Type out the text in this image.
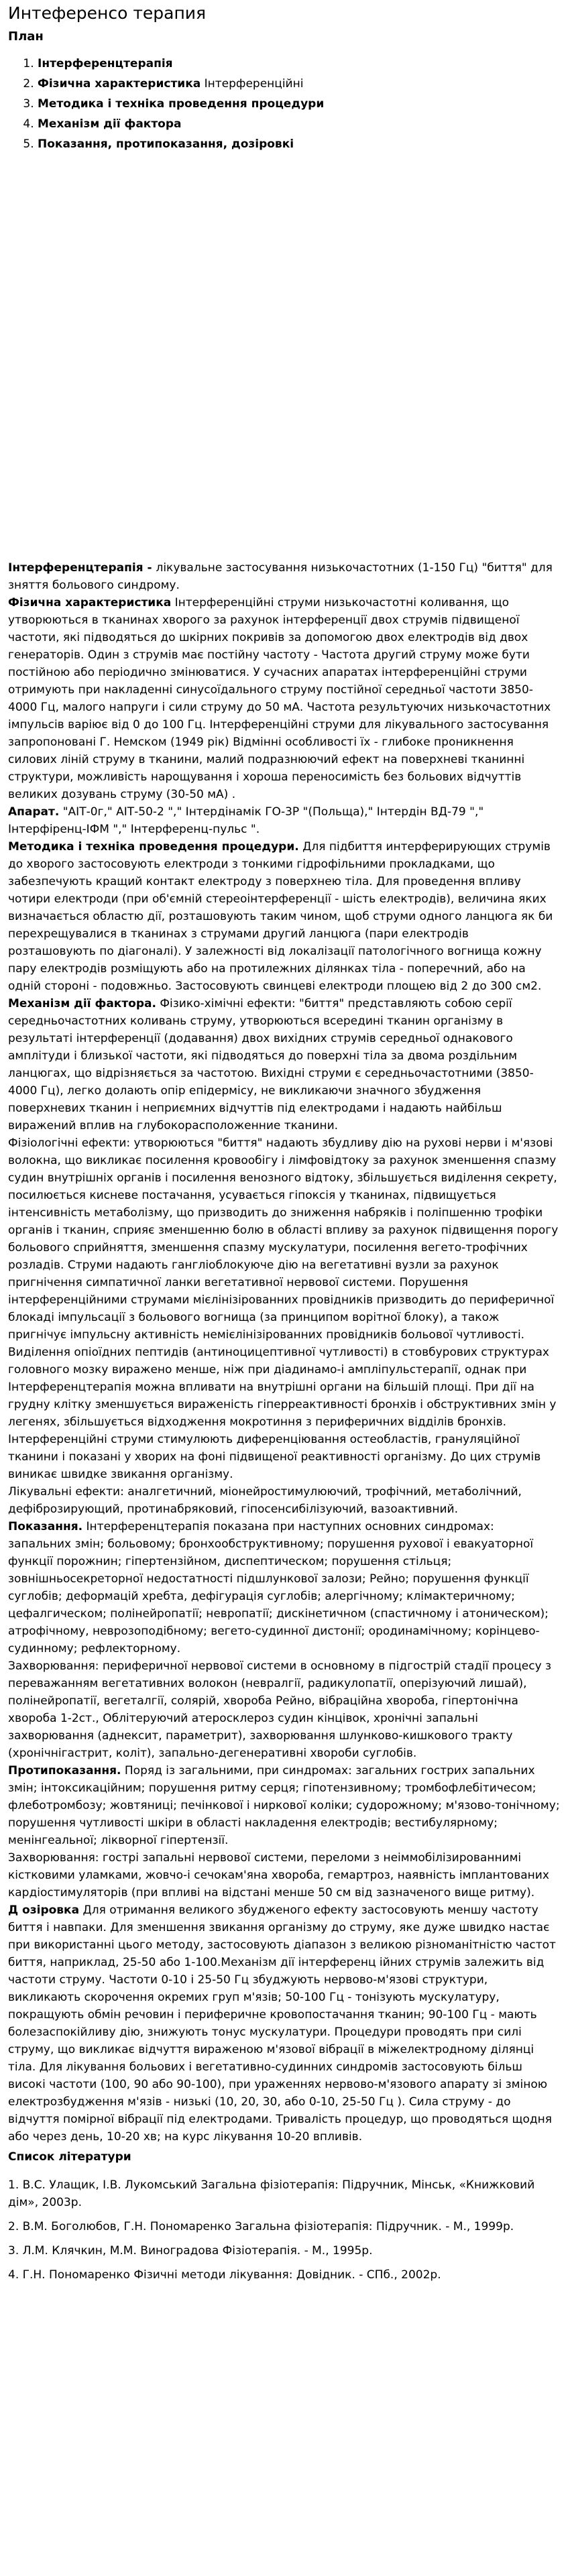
Интеференсо терапия
План
1. Інтерференцтерапія
2. Фізична характеристика Інтерференційні
3. Методика і техніка проведення процедури
4. Механізм дії фактора
5. Показання, протипоказання, дозіровкі

Інтерференцтерапія - лікувальне застосування низькочастотних (1-150 Гц) "биття" для зняття больового синдрому.

Фізична характеристика Інтерференційні струми низькочастотні коливання, що утворюються в тканинах хворого за рахунок інтерференції двох струмів підвищеної частоти, які підводяться до шкірних покривів за допомогою двох електродів від двох генераторів. Один з струмів має постійну частоту - Частота другий струму може бути постійною або періодично змінюватися. У сучасних апаратах інтерференційні струми отримують при накладенні синусоїдального струму постійної середньої частоти 3850-4000 Гц, малого напруги і сили струму до 50 мА. Частота результуючих низькочастотних імпульсів варіює від 0 до 100 Гц. Інтерференційні струми для лікувального застосування запропоновані Г. Немском (1949 рік) Відмінні особливості їх - глибоке проникнення силових ліній струму в тканини, малий подразнюючий ефект на поверхневі тканинні структури, можливість нарощування і хороша переносимість без больових відчуттів великих дозувань струму (30-50 мА) .

Апарат. "АІТ-0г," АІТ-50-2 "," Інтердінамік ГО-3Р "(Польща)," Інтердін ВД-79 "," Інтерфіренц-ІФМ "," Інтерференц-пульс ".

Методика і техніка проведення процедури. Для підбиття интерферирующих струмів до хворого застосовують електроди з тонкими гідрофільними прокладками, що забезпечують кращий контакт електроду з поверхнею тіла. Для проведення впливу чотири електроди (при об'ємній стереоінтерференції - шість електродів), величина яких визначається областю дії, розташовують таким чином, щоб струми одного ланцюга як би перехрещувалися в тканинах з струмами другий ланцюга (пари електродів розташовують по діагоналі). У залежності від локалізації патологічного вогнища кожну пару електродів розміщують або на протилежних ділянках тіла - поперечний, або на одній стороні - подовжньо. Застосовують свинцеві електроди площею від 2 до 300 см2.

Механізм дії фактора. Фізико-хімічні ефекти: "биття" представляють собою серії середньочастотних коливань струму, утворюються всередині тканин організму в результаті інтерференції (додавання) двох вихідних струмів середньої однакового амплітуди і близької частоти, які підводяться до поверхні тіла за двома роздільним ланцюгах, що відрізняється за частотою. Вихідні струми є середньочастотними (3850-4000 Гц), легко долають опір епідермісу, не викликаючи значного збудження поверхневих тканин і неприємних відчуттів під електродами і надають найбільш виражений вплив на глубокорасположенние тканини.

Фізіологічні ефекти: утворюються "биття" надають збудливу дію на рухові нерви і м'язові волокна, що викликає посилення кровообігу і лімфовідтоку за рахунок зменшення спазму судин внутрішніх органів і посилення венозного відтоку, збільшується виділення секрету, посилюється кисневе постачання, усувається гіпоксія у тканинах, підвищується інтенсивність метаболізму, що призводить до зниження набряків і поліпшенню трофіки органів і тканин, сприяє зменшенню болю в області впливу за рахунок підвищення порогу больового сприйняття, зменшення спазму мускулатури, посилення вегето-трофічних розладів. Струми надають гангліоблокуюче дію на вегетативні вузли за рахунок пригнічення симпатичної ланки вегетативної нервової системи. Порушення інтерференційними струмами мієлінізірованних провідників призводить до периферичної блокаді імпульсації з больового вогнища (за принципом ворітної блоку), а також пригнічує імпульсну активність немієлінізірованних провідників больової чутливості. Виділення опіоїдних пептидів (антиноцицептивної чутливості) в стовбурових структурах головного мозку виражено менше, ніж при діадинамо-і ампліпульстерапії, однак при Інтерференцтерапія можна впливати на внутрішні органи на більшій площі. При дії на грудну клітку зменшується вираженість гіперреактивності бронхів і обструктивних змін у легенях, збільшується відходження мокротиння з периферичних відділів бронхів. Інтерференційні струми стимулюють диференціювання остеобластів, грануляційної тканини і показані у хворих на фоні підвищеної реактивності організму. До цих струмів виникає швидке звикання організму.

Лікувальні ефекти: аналгетичний, міонейростимулюючий, трофічний, метаболічний, дефіброзирующий, протинабряковий, гіпосенсибілізуючий, вазоактивний.

Показання. Інтерференцтерапія показана при наступних основних синдромах: запальних змін; больовому; бронхообструктивному; порушення рухової і евакуаторної функції порожнин; гіпертензійном, диспептическом; порушення стільця; зовнішньосекреторної недостатності підшлункової залози; Рейно; порушення функції суглобів; деформацій хребта, дефігурація суглобів; алергічному; клімактеричному; цефалгическом; полінейропатії; невропатії; дискінетичном (спастичному і атоническом); атрофічному, неврозоподібному; вегето-судинної дистонії; ородинамічному; корінцево-судинному; рефлекторному.

Захворювання: периферичної нервової системи в основному в підгострій стадії процесу з переважанням вегетативних волокон (невралгії, радикулопатії, оперізуючий лишай), полінейропатії, вегеталгії, солярій, хвороба Рейно, вібраційна хвороба, гіпертонічна хвороба 1-2ст., Облітеруючий атеросклероз судин кінцівок, хронічні запальні захворювання (аднексит, параметрит), захворювання шлунково-кишкового тракту (хронічнігастрит, коліт), запально-дегенеративні хвороби суглобів.

Протипоказання. Поряд із загальними, при синдромах: загальних гострих запальних змін; інтоксикаційним; порушення ритму серця; гіпотензивному; тромбофлебітичесом; флеботромбозу; жовтяниці; печінкової і ниркової коліки; судорожному; м'язово-тонічному; порушення чутливості шкіри в області накладення електродів; вестибулярному; менінгеальної; лікворної гіпертензії.

Захворювання: гострі запальні нервової системи, переломи з неіммобілізированнимі кістковими уламками, жовчо-і сечокам'яна хвороба, гемартроз, наявність імплантованих кардіостимуляторів (при впливі на відстані менше 50 см від зазначеного вище ритму).

Д озіровка Для отримання великого збудженого ефекту застосовують меншу частоту биття і навпаки. Для зменшення звикання організму до струму, яке дуже швидко настає при використанні цього методу, застосовують діапазон з великою різноманітністю частот биття, наприклад, 25-50 або 1-100.Механізм дії інтерференц ійних струмів залежить від частоти струму. Частоти 0-10 і 25-50 Гц збуджують нервово-м'язові структури, викликають скорочення окремих груп м'язів; 50-100 Гц - тонізують мускулатуру, покращують обмін речовин і периферичне кровопостачання тканин; 90-100 Гц - мають болезаспокійливу дію, знижують тонус мускулатури. Процедури проводять при силі струму, що викликає відчуття вираженою м'язової вібрації в міжелектродному ділянці тіла. Для лікування больових і вегетативно-судинних синдромів застосовують більш високі частоти (100, 90 або 90-100), при ураженнях нервово-м'язового апарату зі зміною електрозбудження м'язів - низькі (10, 20, 30, або 0-10, 25-50 Гц ). Сила струму - до відчуття помірної вібрації під електродами. Тривалість процедур, що проводяться щодня або через день, 10-20 хв; на курс лікування 10-20 впливів.

Список літератури
1. В.С. Улащик, І.В. Лукомський Загальна фізіотерапія: Підручник, Мінськ, «Книжковий дім», 2003р.
2. В.М. Боголюбов, Г.Н. Пономаренко Загальна фізіотерапія: Підручник. - М., 1999р.
3. Л.М. Клячкин, М.М. Виноградова Фізіотерапія. - М., 1995р.
4. Г.Н. Пономаренко Фізичні методи лікування: Довідник. - СПб., 2002р.
